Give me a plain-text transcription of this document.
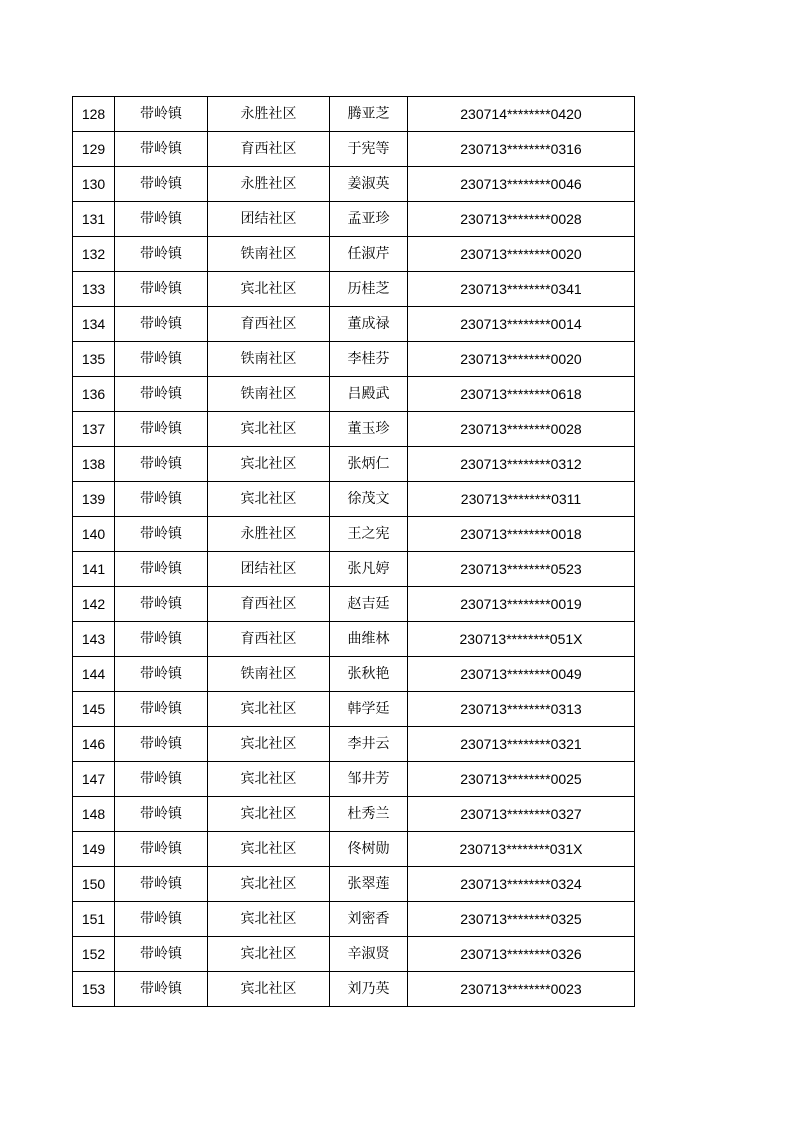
128	带岭镇	永胜社区	腾亚芝	230714********0420
129	带岭镇	育西社区	于宪等	230713********0316
130	带岭镇	永胜社区	姜淑英	230713********0046
131	带岭镇	团结社区	孟亚珍	230713********0028
132	带岭镇	铁南社区	任淑芹	230713********0020
133	带岭镇	宾北社区	历桂芝	230713********0341
134	带岭镇	育西社区	董成禄	230713********0014
135	带岭镇	铁南社区	李桂芬	230713********0020
136	带岭镇	铁南社区	吕殿武	230713********0618
137	带岭镇	宾北社区	董玉珍	230713********0028
138	带岭镇	宾北社区	张炳仁	230713********0312
139	带岭镇	宾北社区	徐茂文	230713********0311
140	带岭镇	永胜社区	王之宪	230713********0018
141	带岭镇	团结社区	张凡婷	230713********0523
142	带岭镇	育西社区	赵吉廷	230713********0019
143	带岭镇	育西社区	曲维林	230713********051X
144	带岭镇	铁南社区	张秋艳	230713********0049
145	带岭镇	宾北社区	韩学廷	230713********0313
146	带岭镇	宾北社区	李井云	230713********0321
147	带岭镇	宾北社区	邹井芳	230713********0025
148	带岭镇	宾北社区	杜秀兰	230713********0327
149	带岭镇	宾北社区	佟树勋	230713********031X
150	带岭镇	宾北社区	张翠莲	230713********0324
151	带岭镇	宾北社区	刘密香	230713********0325
152	带岭镇	宾北社区	辛淑贤	230713********0326
153	带岭镇	宾北社区	刘乃英	230713********0023
